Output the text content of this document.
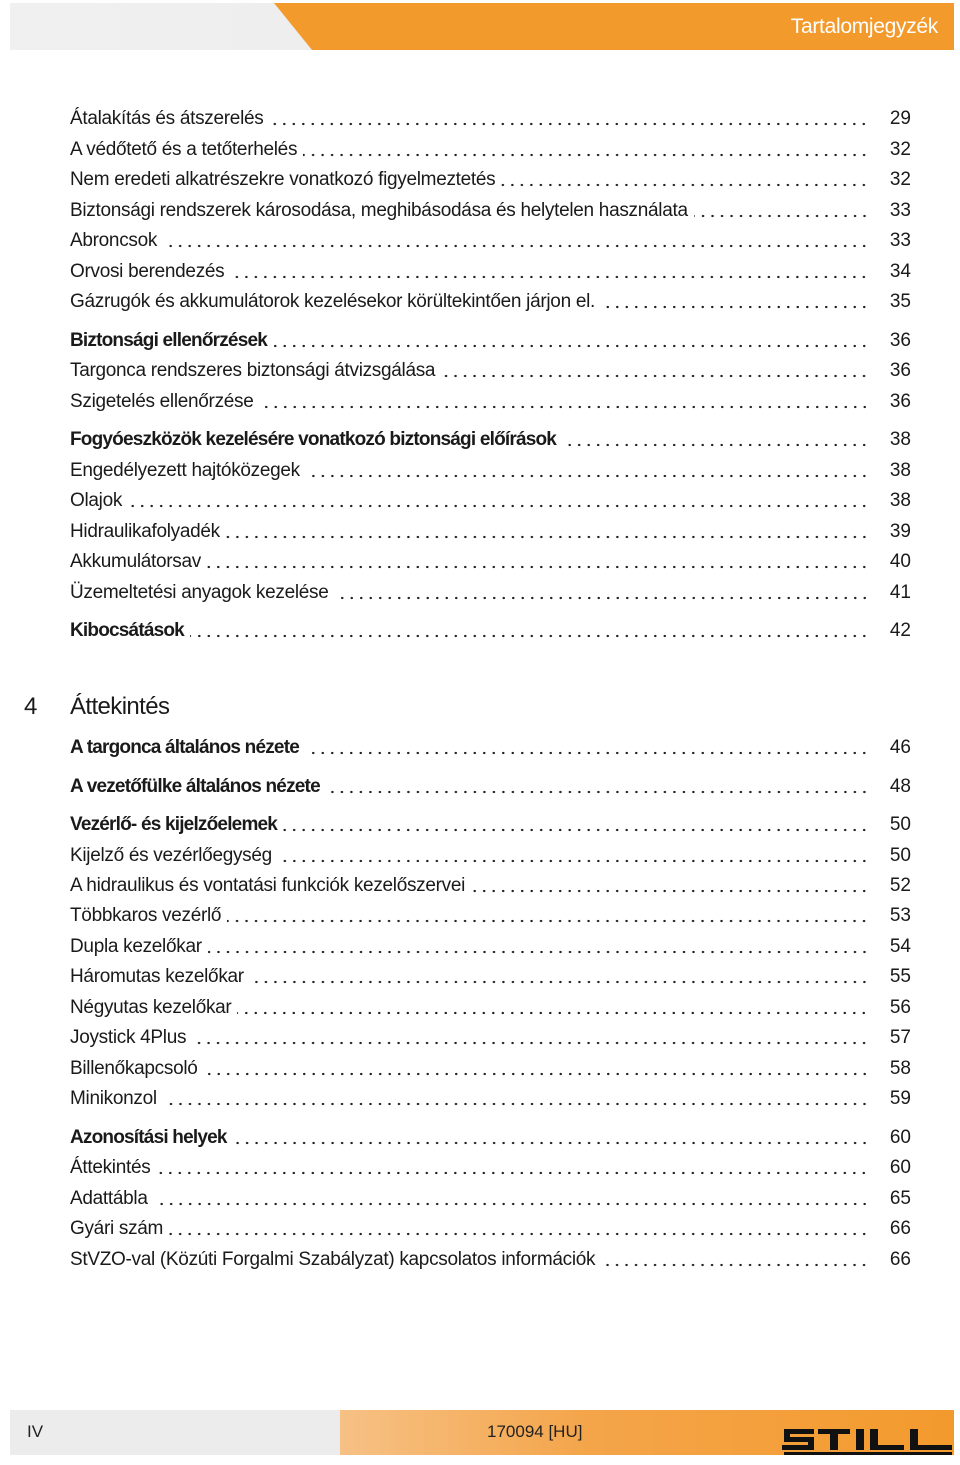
Tartalomjegyzék
Átalakítás és átszerelés	29
A védőtető és a tetőterhelés	32
Nem eredeti alkatrészekre vonatkozó figyelmeztetés	32
Biztonsági rendszerek károsodása, meghibásodása és helytelen használata	33
Abroncsok	33
Orvosi berendezés	34
Gázrugók és akkumulátorok kezelésekor körültekintően járjon el.	35
Biztonsági ellenőrzések	36
Targonca rendszeres biztonsági átvizsgálása	36
Szigetelés ellenőrzése	36
Fogyóeszközök kezelésére vonatkozó biztonsági előírások	38
Engedélyezett hajtóközegek	38
Olajok	38
Hidraulikafolyadék	39
Akkumulátorsav	40
Üzemeltetési anyagok kezelése	41
Kibocsátások	42
4 Áttekintés
A targonca általános nézete	46
A vezetőfülke általános nézete	48
Vezérlő- és kijelzőelemek	50
Kijelző és vezérlőegység	50
A hidraulikus és vontatási funkciók kezelőszervei	52
Többkaros vezérlő	53
Dupla kezelőkar	54
Háromutas kezelőkar	55
Négyutas kezelőkar	56
Joystick 4Plus	57
Billenőkapcsoló	58
Minikonzol	59
Azonosítási helyek	60
Áttekintés	60
Adattábla	65
Gyári szám	66
StVZO-val (Közúti Forgalmi Szabályzat) kapcsolatos információk	66
IV	170094 [HU]
